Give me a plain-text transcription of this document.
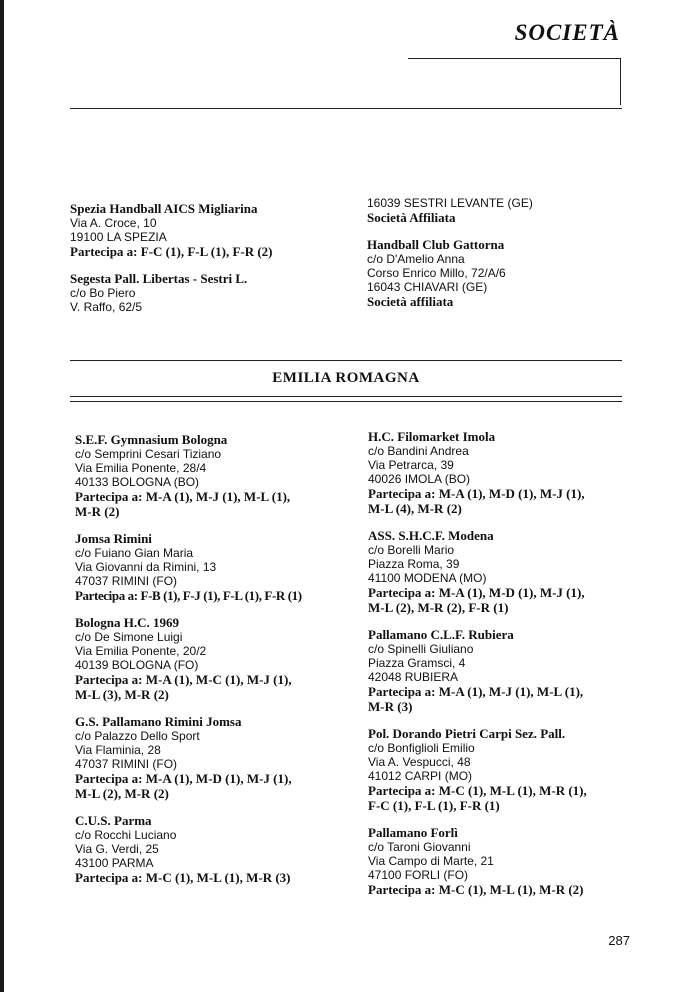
SOCIETÀ
Spezia Handball AICS Migliarina
Via A. Croce, 10
19100 LA SPEZIA
Partecipa a: F-C (1), F-L (1), F-R (2)
Segesta Pall. Libertas - Sestri L.
c/o Bo Piero
V. Raffo, 62/5
16039 SESTRI LEVANTE (GE)
Società Affiliata
Handball Club Gattorna
c/o D'Amelio Anna
Corso Enrico Millo, 72/A/6
16043 CHIAVARI (GE)
Società affiliata
EMILIA ROMAGNA
S.E.F. Gymnasium Bologna
c/o Semprini Cesari Tiziano
Via Emilia Ponente, 28/4
40133 BOLOGNA (BO)
Partecipa a: M-A (1), M-J (1), M-L (1),
M-R (2)
Jomsa Rimini
c/o Fuiano Gian Maria
Via Giovanni da Rimini, 13
47037 RIMINI (FO)
Partecipa a: F-B (1), F-J (1), F-L (1), F-R (1)
Bologna H.C. 1969
c/o De Simone Luigi
Via Emilia Ponente, 20/2
40139 BOLOGNA (FO)
Partecipa a: M-A (1), M-C (1), M-J (1),
M-L (3), M-R (2)
G.S. Pallamano Rimini Jomsa
c/o Palazzo Dello Sport
Via Flaminia, 28
47037 RIMINI (FO)
Partecipa a: M-A (1), M-D (1), M-J (1),
M-L (2), M-R (2)
C.U.S. Parma
c/o Rocchi Luciano
Via G. Verdi, 25
43100 PARMA
Partecipa a: M-C (1), M-L (1), M-R (3)
H.C. Filomarket Imola
c/o Bandini Andrea
Via Petrarca, 39
40026 IMOLA (BO)
Partecipa a: M-A (1), M-D (1), M-J (1),
M-L (4), M-R (2)
ASS. S.H.C.F. Modena
c/o Borelli Mario
Piazza Roma, 39
41100 MODENA (MO)
Partecipa a: M-A (1), M-D (1), M-J (1),
M-L (2), M-R (2), F-R (1)
Pallamano C.L.F. Rubiera
c/o Spinelli Giuliano
Piazza Gramsci, 4
42048 RUBIERA
Partecipa a: M-A (1), M-J (1), M-L (1),
M-R (3)
Pol. Dorando Pietri Carpi Sez. Pall.
c/o Bonfiglioli Emilio
Via A. Vespucci, 48
41012 CARPI (MO)
Partecipa a: M-C (1), M-L (1), M-R (1),
F-C (1), F-L (1), F-R (1)
Pallamano Forlì
c/o Taroni Giovanni
Via Campo di Marte, 21
47100 FORLI (FO)
Partecipa a: M-C (1), M-L (1), M-R (2)
287
